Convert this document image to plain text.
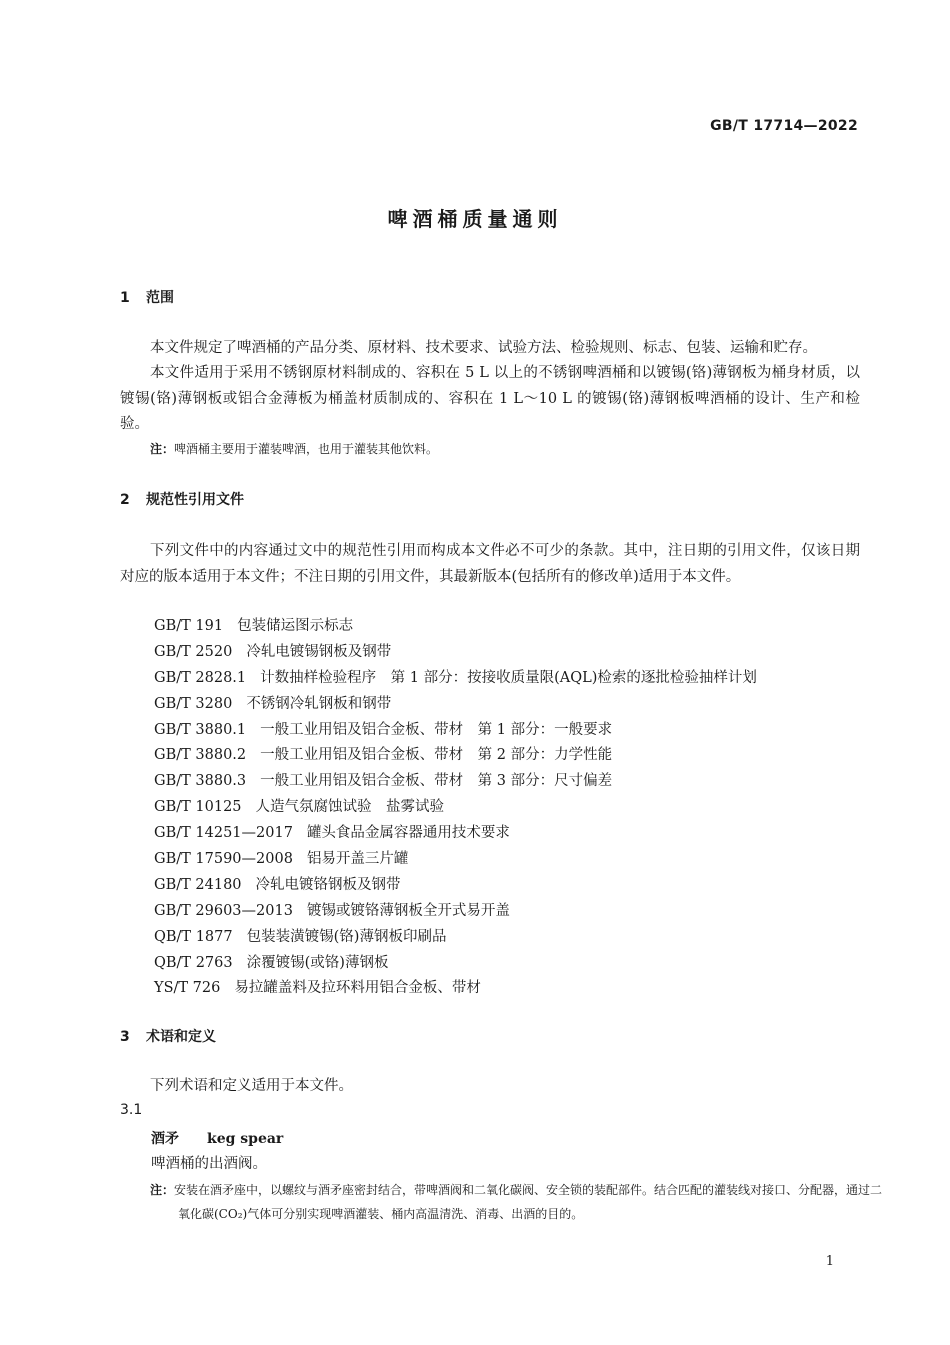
GB/T 17714—2022
啤酒桶质量通则
1 范围

本文件规定了啤酒桶的产品分类、原材料、技术要求、试验方法、检验规则、标志、包装、运输和贮存。

本文件适用于采用不锈钢原材料制成的、容积在 5 L 以上的不锈钢啤酒桶和以镀锡(铬)薄钢板为桶身材质，以镀锡(铬)薄钢板或铝合金薄板为桶盖材质制成的、容积在 1 L～10 L 的镀锡(铬)薄钢板啤酒桶的设计、生产和检验。

注：啤酒桶主要用于灌装啤酒，也用于灌装其他饮料。

2 规范性引用文件

下列文件中的内容通过文中的规范性引用而构成本文件必不可少的条款。其中，注日期的引用文件，仅该日期对应的版本适用于本文件；不注日期的引用文件，其最新版本(包括所有的修改单)适用于本文件。

GB/T 191 包装储运图示标志
GB/T 2520 冷轧电镀锡钢板及钢带
GB/T 2828.1 计数抽样检验程序　第 1 部分：按接收质量限(AQL)检索的逐批检验抽样计划
GB/T 3280 不锈钢冷轧钢板和钢带
GB/T 3880.1 一般工业用铝及铝合金板、带材　第 1 部分：一般要求
GB/T 3880.2 一般工业用铝及铝合金板、带材　第 2 部分：力学性能
GB/T 3880.3 一般工业用铝及铝合金板、带材　第 3 部分：尺寸偏差
GB/T 10125 人造气氛腐蚀试验　盐雾试验
GB/T 14251—2017 罐头食品金属容器通用技术要求
GB/T 17590—2008 铝易开盖三片罐
GB/T 24180 冷轧电镀铬钢板及钢带
GB/T 29603—2013 镀锡或镀铬薄钢板全开式易开盖
QB/T 1877 包装装潢镀锡(铬)薄钢板印刷品
QB/T 2763 涂覆镀锡(或铬)薄钢板
YS/T 726 易拉罐盖料及拉环料用铝合金板、带材
3 术语和定义

下列术语和定义适用于本文件。

3.1

酒矛 keg spear

啤酒桶的出酒阀。

注：安装在酒矛座中，以螺纹与酒矛座密封结合，带啤酒阀和二氧化碳阀、安全锁的装配部件。结合匹配的灌装线对接口、分配器，通过二氧化碳(CO₂)气体可分别实现啤酒灌装、桶内高温清洗、消毒、出酒的目的。

1
